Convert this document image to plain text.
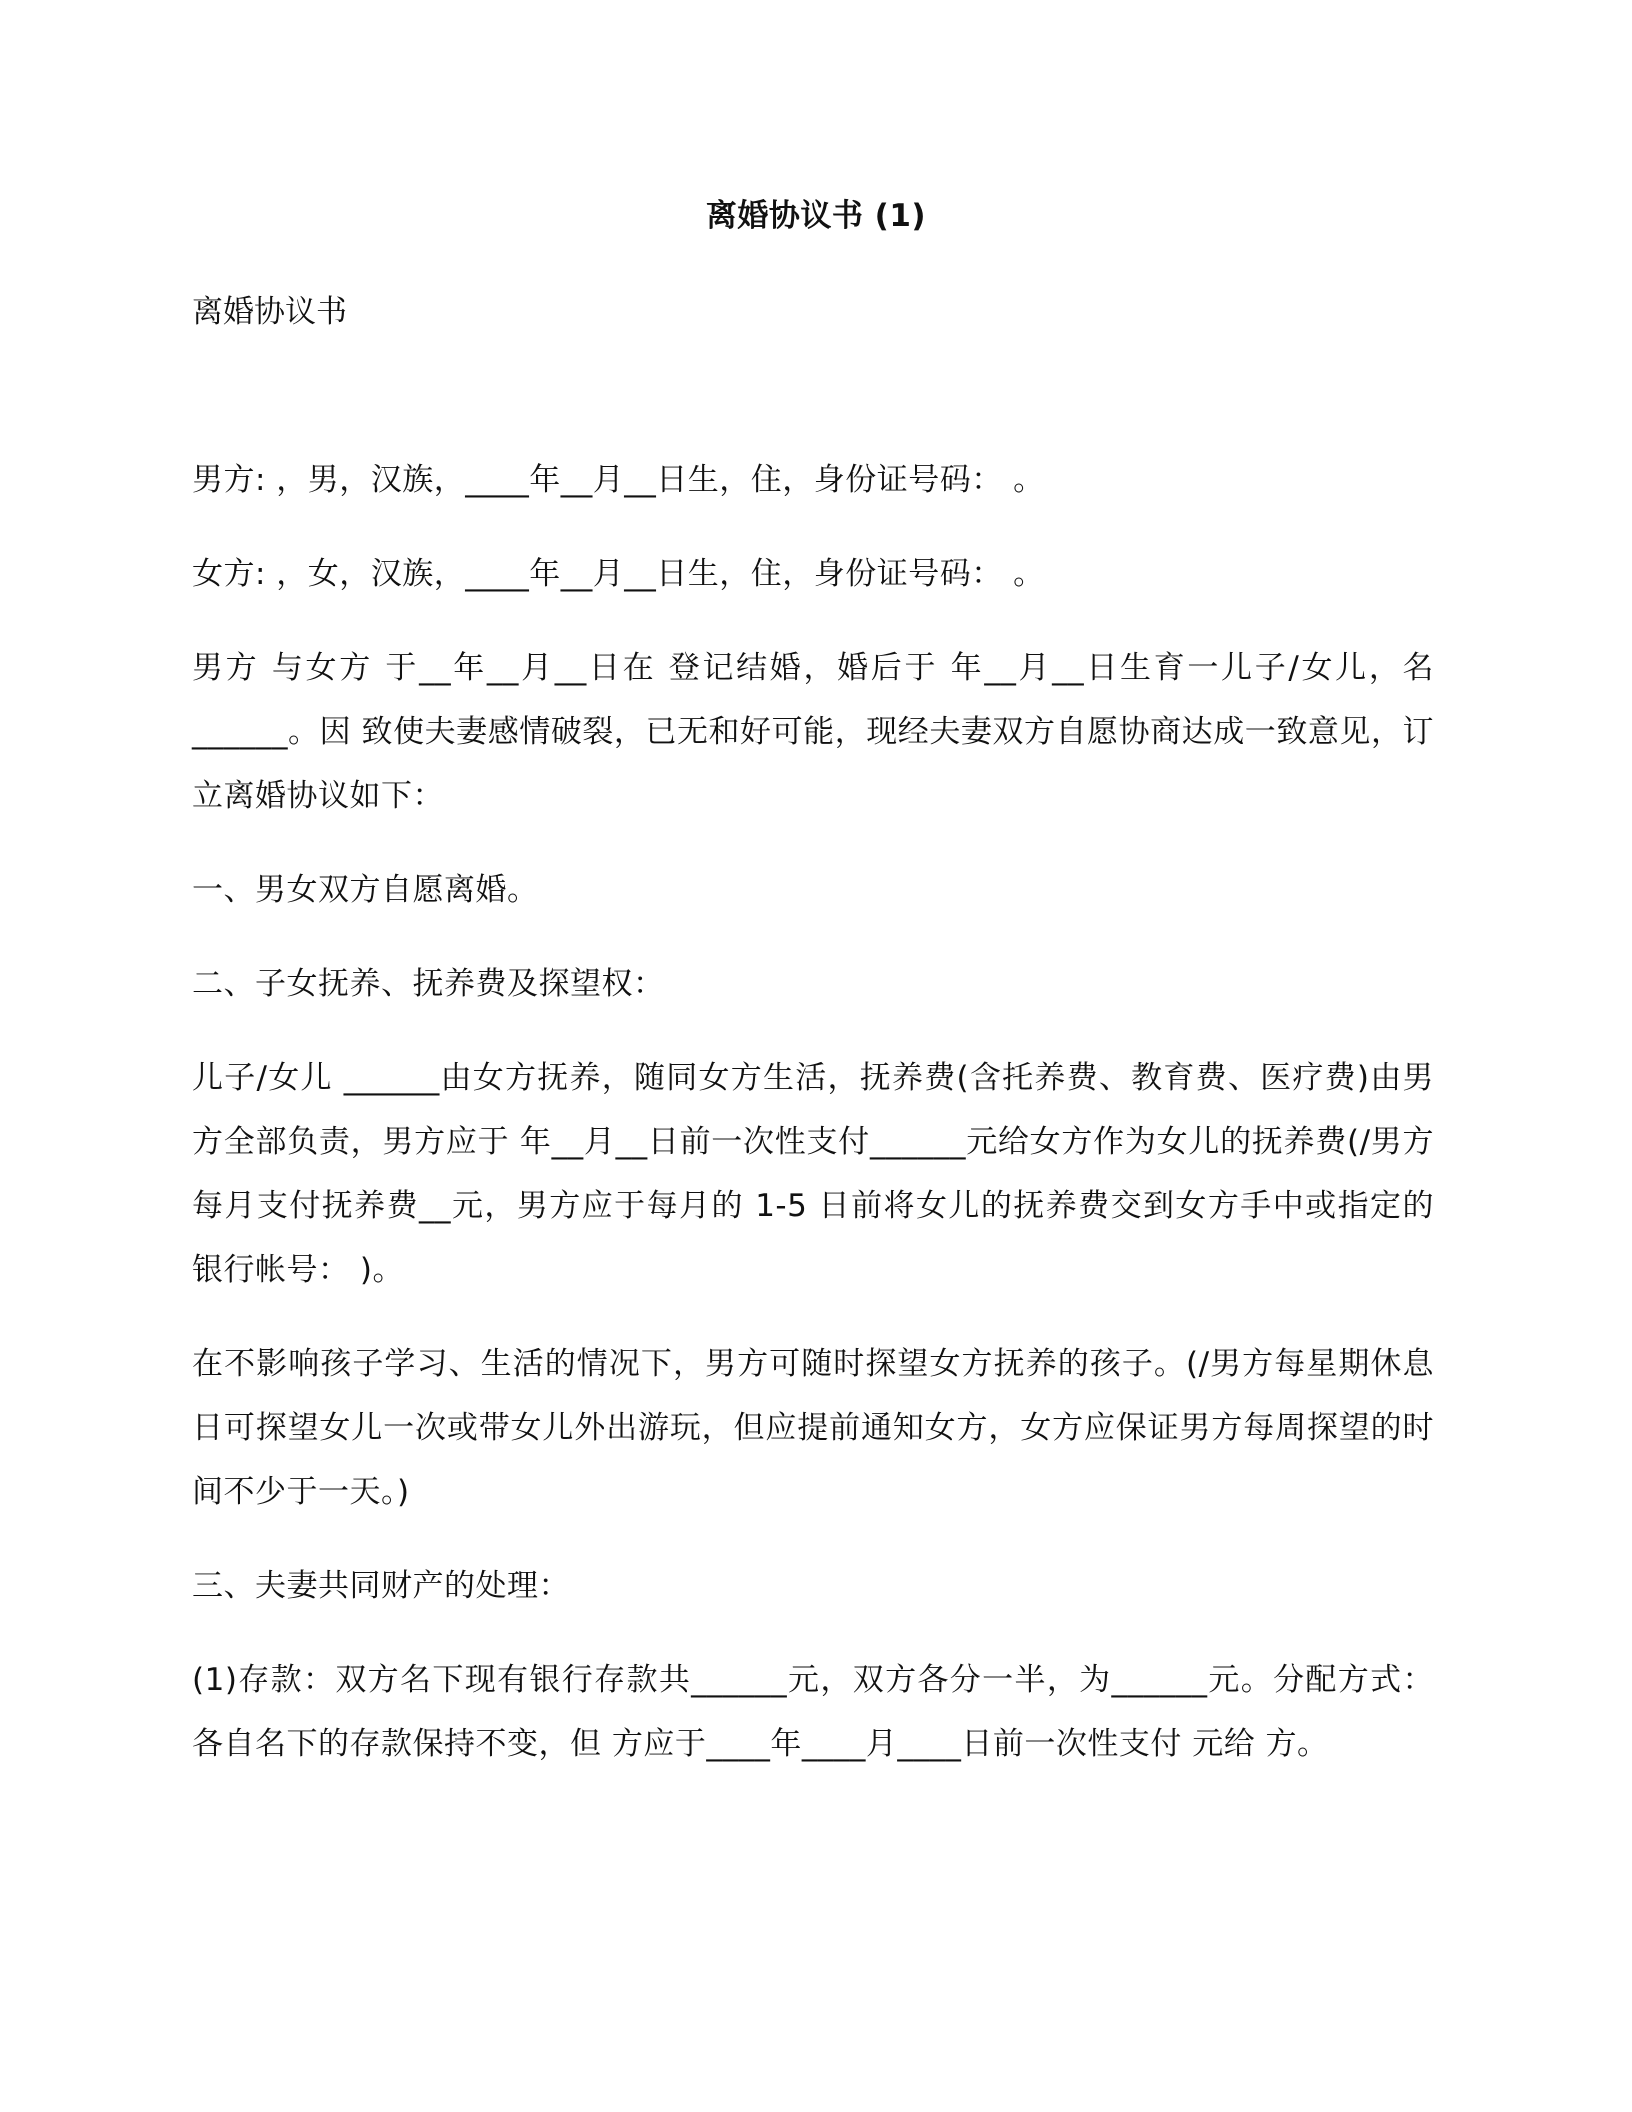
离婚协议书 (1)
离婚协议书

男方: ，男，汉族，____年__月__日生，住，身份证号码： 。

女方: ，女，汉族，____年__月__日生，住，身份证号码： 。

男方 与女方 于__年__月__日在 登记结婚，婚后于 年__月__日生育一儿子/女儿，名______。因 致使夫妻感情破裂，已无和好可能，现经夫妻双方自愿协商达成一致意见，订立离婚协议如下：

一、男女双方自愿离婚。

二、子女抚养、抚养费及探望权：

儿子/女儿 ______由女方抚养，随同女方生活，抚养费(含托养费、教育费、医疗费)由男方全部负责，男方应于 年__月__日前一次性支付______元给女方作为女儿的抚养费(/男方每月支付抚养费__元，男方应于每月的 1-5 日前将女儿的抚养费交到女方手中或指定的 银行帐号： )。

在不影响孩子学习、生活的情况下，男方可随时探望女方抚养的孩子。(/男方每星期休息日可探望女儿一次或带女儿外出游玩，但应提前通知女方，女方应保证男方每周探望的时间不少于一天。)

三、夫妻共同财产的处理：

(1)存款：双方名下现有银行存款共______元，双方各分一半，为______元。分配方式：各自名下的存款保持不变，但 方应于____年____月____日前一次性支付 元给 方。
